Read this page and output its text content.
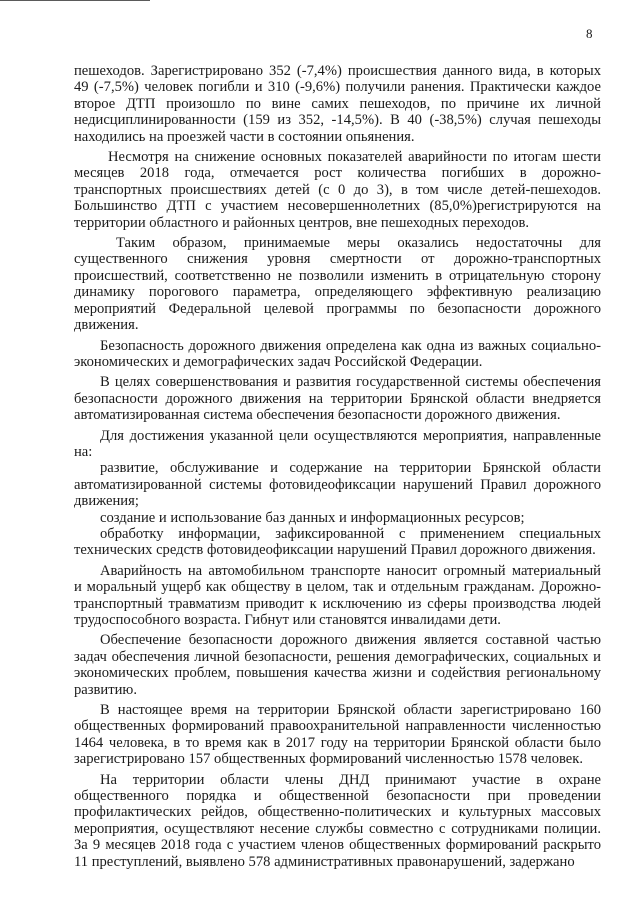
8

пешеходов. Зарегистрировано 352 (-7,4%) происшествия данного вида, в которых
49 (-7,5%) человек погибли и 310 (-9,6%) получили ранения. Практически каждое
второе ДТП произошло по вине самих пешеходов, по причине их личной
недисциплинированности (159 из 352, -14,5%). В 40 (-38,5%) случая пешеходы
находились на проезжей части в состоянии опьянения.

Несмотря на снижение основных показателей аварийности по итогам шести
месяцев 2018 года, отмечается рост количества погибших в дорожно-
транспортных происшествиях детей (с 0 до 3), в том числе детей-пешеходов.
Большинство ДТП с участием несовершеннолетних (85,0%)регистрируются на
территории областного и районных центров, вне пешеходных переходов.

Таким образом, принимаемые меры оказались недостаточны для
существенного снижения уровня смертности от дорожно-транспортных
происшествий, соответственно не позволили изменить в отрицательную сторону
динамику порогового параметра, определяющего эффективную реализацию
мероприятий Федеральной целевой программы по безопасности дорожного
движения.

Безопасность дорожного движения определена как одна из важных социально-
экономических и демографических задач Российской Федерации.

В целях совершенствования и развития государственной системы обеспечения
безопасности дорожного движения на территории Брянской области внедряется
автоматизированная система обеспечения безопасности дорожного движения.

Для достижения указанной цели осуществляются мероприятия, направленные
на:

развитие, обслуживание и содержание на территории Брянской области
автоматизированной системы фотовидеофиксации нарушений Правил дорожного
движения;

создание и использование баз данных и информационных ресурсов;

обработку информации, зафиксированной с применением специальных
технических средств фотовидеофиксации нарушений Правил дорожного движения.

Аварийность на автомобильном транспорте наносит огромный материальный
и моральный ущерб как обществу в целом, так и отдельным гражданам. Дорожно-
транспортный травматизм приводит к исключению из сферы производства людей
трудоспособного возраста. Гибнут или становятся инвалидами дети.

Обеспечение безопасности дорожного движения является составной частью
задач обеспечения личной безопасности, решения демографических, социальных и
экономических проблем, повышения качества жизни и содействия региональному
развитию.

В настоящее время на территории Брянской области зарегистрировано 160
общественных формирований правоохранительной направленности численностью
1464 человека, в то время как в 2017 году на территории Брянской области было
зарегистрировано 157 общественных формирований численностью 1578 человек.

На территории области члены ДНД принимают участие в охране
общественного порядка и общественной безопасности при проведении
профилактических рейдов, общественно-политических и культурных массовых
мероприятия, осуществляют несение службы совместно с сотрудниками полиции.
За 9 месяцев 2018 года с участием членов общественных формирований раскрыто
11 преступлений, выявлено 578 административных правонарушений, задержано
